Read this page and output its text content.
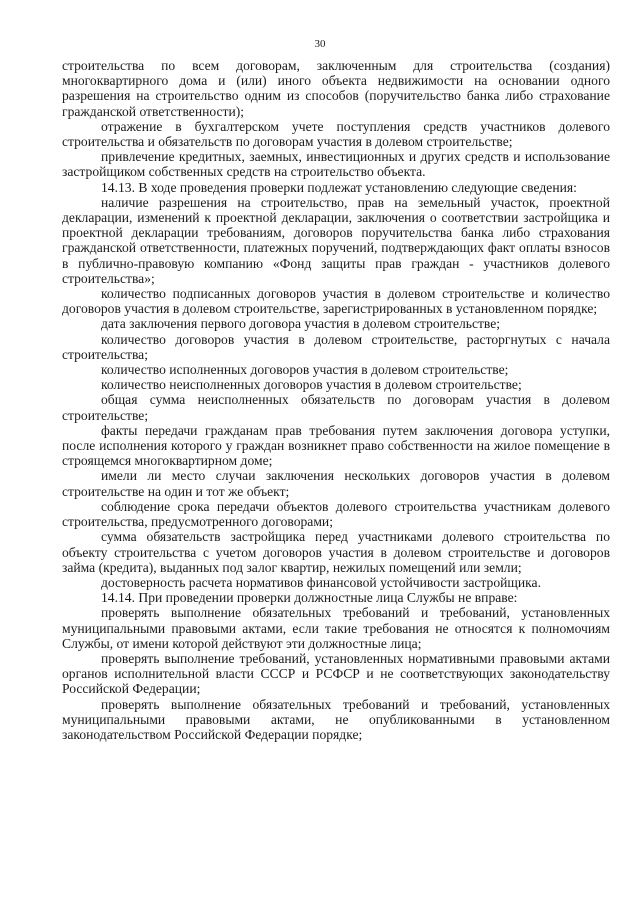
30

строительства по всем договорам, заключенным для строительства (создания) многоквартирного дома и (или) иного объекта недвижимости на основании одного разрешения на строительство одним из способов (поручительство банка либо страхование гражданской ответственности);

отражение в бухгалтерском учете поступления средств участников долевого строительства и обязательств по договорам участия в долевом строительстве;

привлечение кредитных, заемных, инвестиционных и других средств и использование застройщиком собственных средств на строительство объекта.

14.13. В ходе проведения проверки подлежат установлению следующие сведения:

наличие разрешения на строительство, прав на земельный участок, проектной декларации, изменений к проектной декларации, заключения о соответствии застройщика и проектной декларации требованиям, договоров поручительства банка либо страхования гражданской ответственности, платежных поручений, подтверждающих факт оплаты взносов в публично-правовую компанию «Фонд защиты прав граждан - участников долевого строительства»;

количество подписанных договоров участия в долевом строительстве и количество договоров участия в долевом строительстве, зарегистрированных в установленном порядке;

дата заключения первого договора участия в долевом строительстве;

количество договоров участия в долевом строительстве, расторгнутых с начала строительства;

количество исполненных договоров участия в долевом строительстве;

количество неисполненных договоров участия в долевом строительстве;

общая сумма неисполненных обязательств по договорам участия в долевом строительстве;

факты передачи гражданам прав требования путем заключения договора уступки, после исполнения которого у граждан возникнет право собственности на жилое помещение в строящемся многоквартирном доме;

имели ли место случаи заключения нескольких договоров участия в долевом строительстве на один и тот же объект;

соблюдение срока передачи объектов долевого строительства участникам долевого строительства, предусмотренного договорами;

сумма обязательств застройщика перед участниками долевого строительства по объекту строительства с учетом договоров участия в долевом строительстве и договоров займа (кредита), выданных под залог квартир, нежилых помещений или земли;

достоверность расчета нормативов финансовой устойчивости застройщика.

14.14. При проведении проверки должностные лица Службы не вправе:

проверять выполнение обязательных требований и требований, установленных муниципальными правовыми актами, если такие требования не относятся к полномочиям Службы, от имени которой действуют эти должностные лица;

проверять выполнение требований, установленных нормативными правовыми актами органов исполнительной власти СССР и РСФСР и не соответствующих законодательству Российской Федерации;

проверять выполнение обязательных требований и требований, установленных муниципальными правовыми актами, не опубликованными в установленном законодательством Российской Федерации порядке;
